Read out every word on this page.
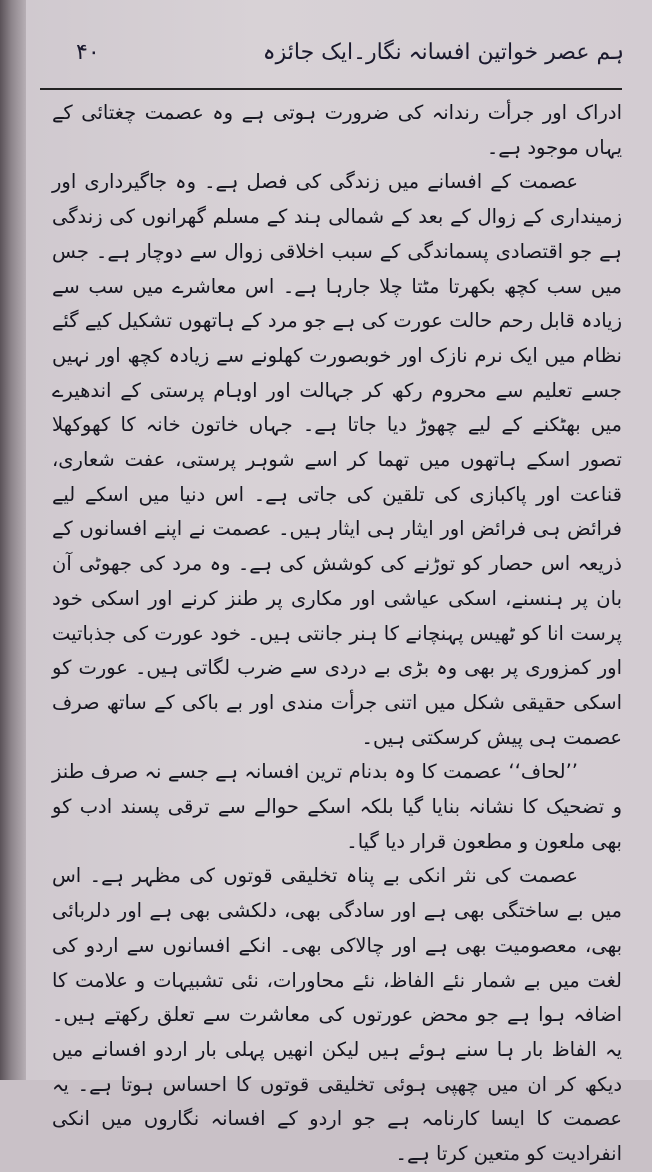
ہم عصر خواتین افسانہ نگار۔ایک جائزہ
۴۰

ادراک اور جرأت رندانہ کی ضرورت ہوتی ہے وہ عصمت چغتائی کے یہاں موجود ہے۔

عصمت کے افسانے میں زندگی کی فصل ہے۔ وہ جاگیرداری اور زمینداری کے زوال کے بعد کے شمالی ہند کے مسلم گھرانوں کی زندگی ہے جو اقتصادی پسماندگی کے سبب اخلاقی زوال سے دوچار ہے۔ جس میں سب کچھ بکھرتا مٹتا چلا جارہا ہے۔ اس معاشرے میں سب سے زیادہ قابل رحم حالت عورت کی ہے جو مرد کے ہاتھوں تشکیل کیے گئے نظام میں ایک نرم نازک اور خوبصورت کھلونے سے زیادہ کچھ اور نہیں جسے تعلیم سے محروم رکھ کر جہالت اور اوہام پرستی کے اندھیرے میں بھٹکنے کے لیے چھوڑ دیا جاتا ہے۔ جہاں خاتون خانہ کا کھوکھلا تصور اسکے ہاتھوں میں تھما کر اسے شوہر پرستی، عفت شعاری، قناعت اور پاکبازی کی تلقین کی جاتی ہے۔ اس دنیا میں اسکے لیے فرائض ہی فرائض اور ایثار ہی ایثار ہیں۔ عصمت نے اپنے افسانوں کے ذریعہ اس حصار کو توڑنے کی کوشش کی ہے۔ وہ مرد کی جھوٹی آن بان پر ہنسنے، اسکی عیاشی اور مکاری پر طنز کرنے اور اسکی خود پرست انا کو ٹھیس پہنچانے کا ہنر جانتی ہیں۔ خود عورت کی جذباتیت اور کمزوری پر بھی وہ بڑی بے دردی سے ضرب لگاتی ہیں۔ عورت کو اسکی حقیقی شکل میں اتنی جرأت مندی اور بے باکی کے ساتھ صرف عصمت ہی پیش کرسکتی ہیں۔

’’لحاف‘‘ عصمت کا وہ بدنام ترین افسانہ ہے جسے نہ صرف طنز و تضحیک کا نشانہ بنایا گیا بلکہ اسکے حوالے سے ترقی پسند ادب کو بھی ملعون و مطعون قرار دیا گیا۔

عصمت کی نثر انکی بے پناہ تخلیقی قوتوں کی مظہر ہے۔ اس میں بے ساختگی بھی ہے اور سادگی بھی، دلکشی بھی ہے اور دلربائی بھی، معصومیت بھی ہے اور چالاکی بھی۔ انکے افسانوں سے اردو کی لغت میں بے شمار نئے الفاظ، نئے محاورات، نئی تشبیہات و علامت کا اضافہ ہوا ہے جو محض عورتوں کی معاشرت سے تعلق رکھتے ہیں۔ یہ الفاظ بار ہا سنے ہوئے ہیں لیکن انھیں پہلی بار اردو افسانے میں دیکھ کر ان میں چھپی ہوئی تخلیقی قوتوں کا احساس ہوتا ہے۔ یہ عصمت کا ایسا کارنامہ ہے جو اردو کے افسانہ نگاروں میں انکی انفرادیت کو متعین کرتا ہے۔
